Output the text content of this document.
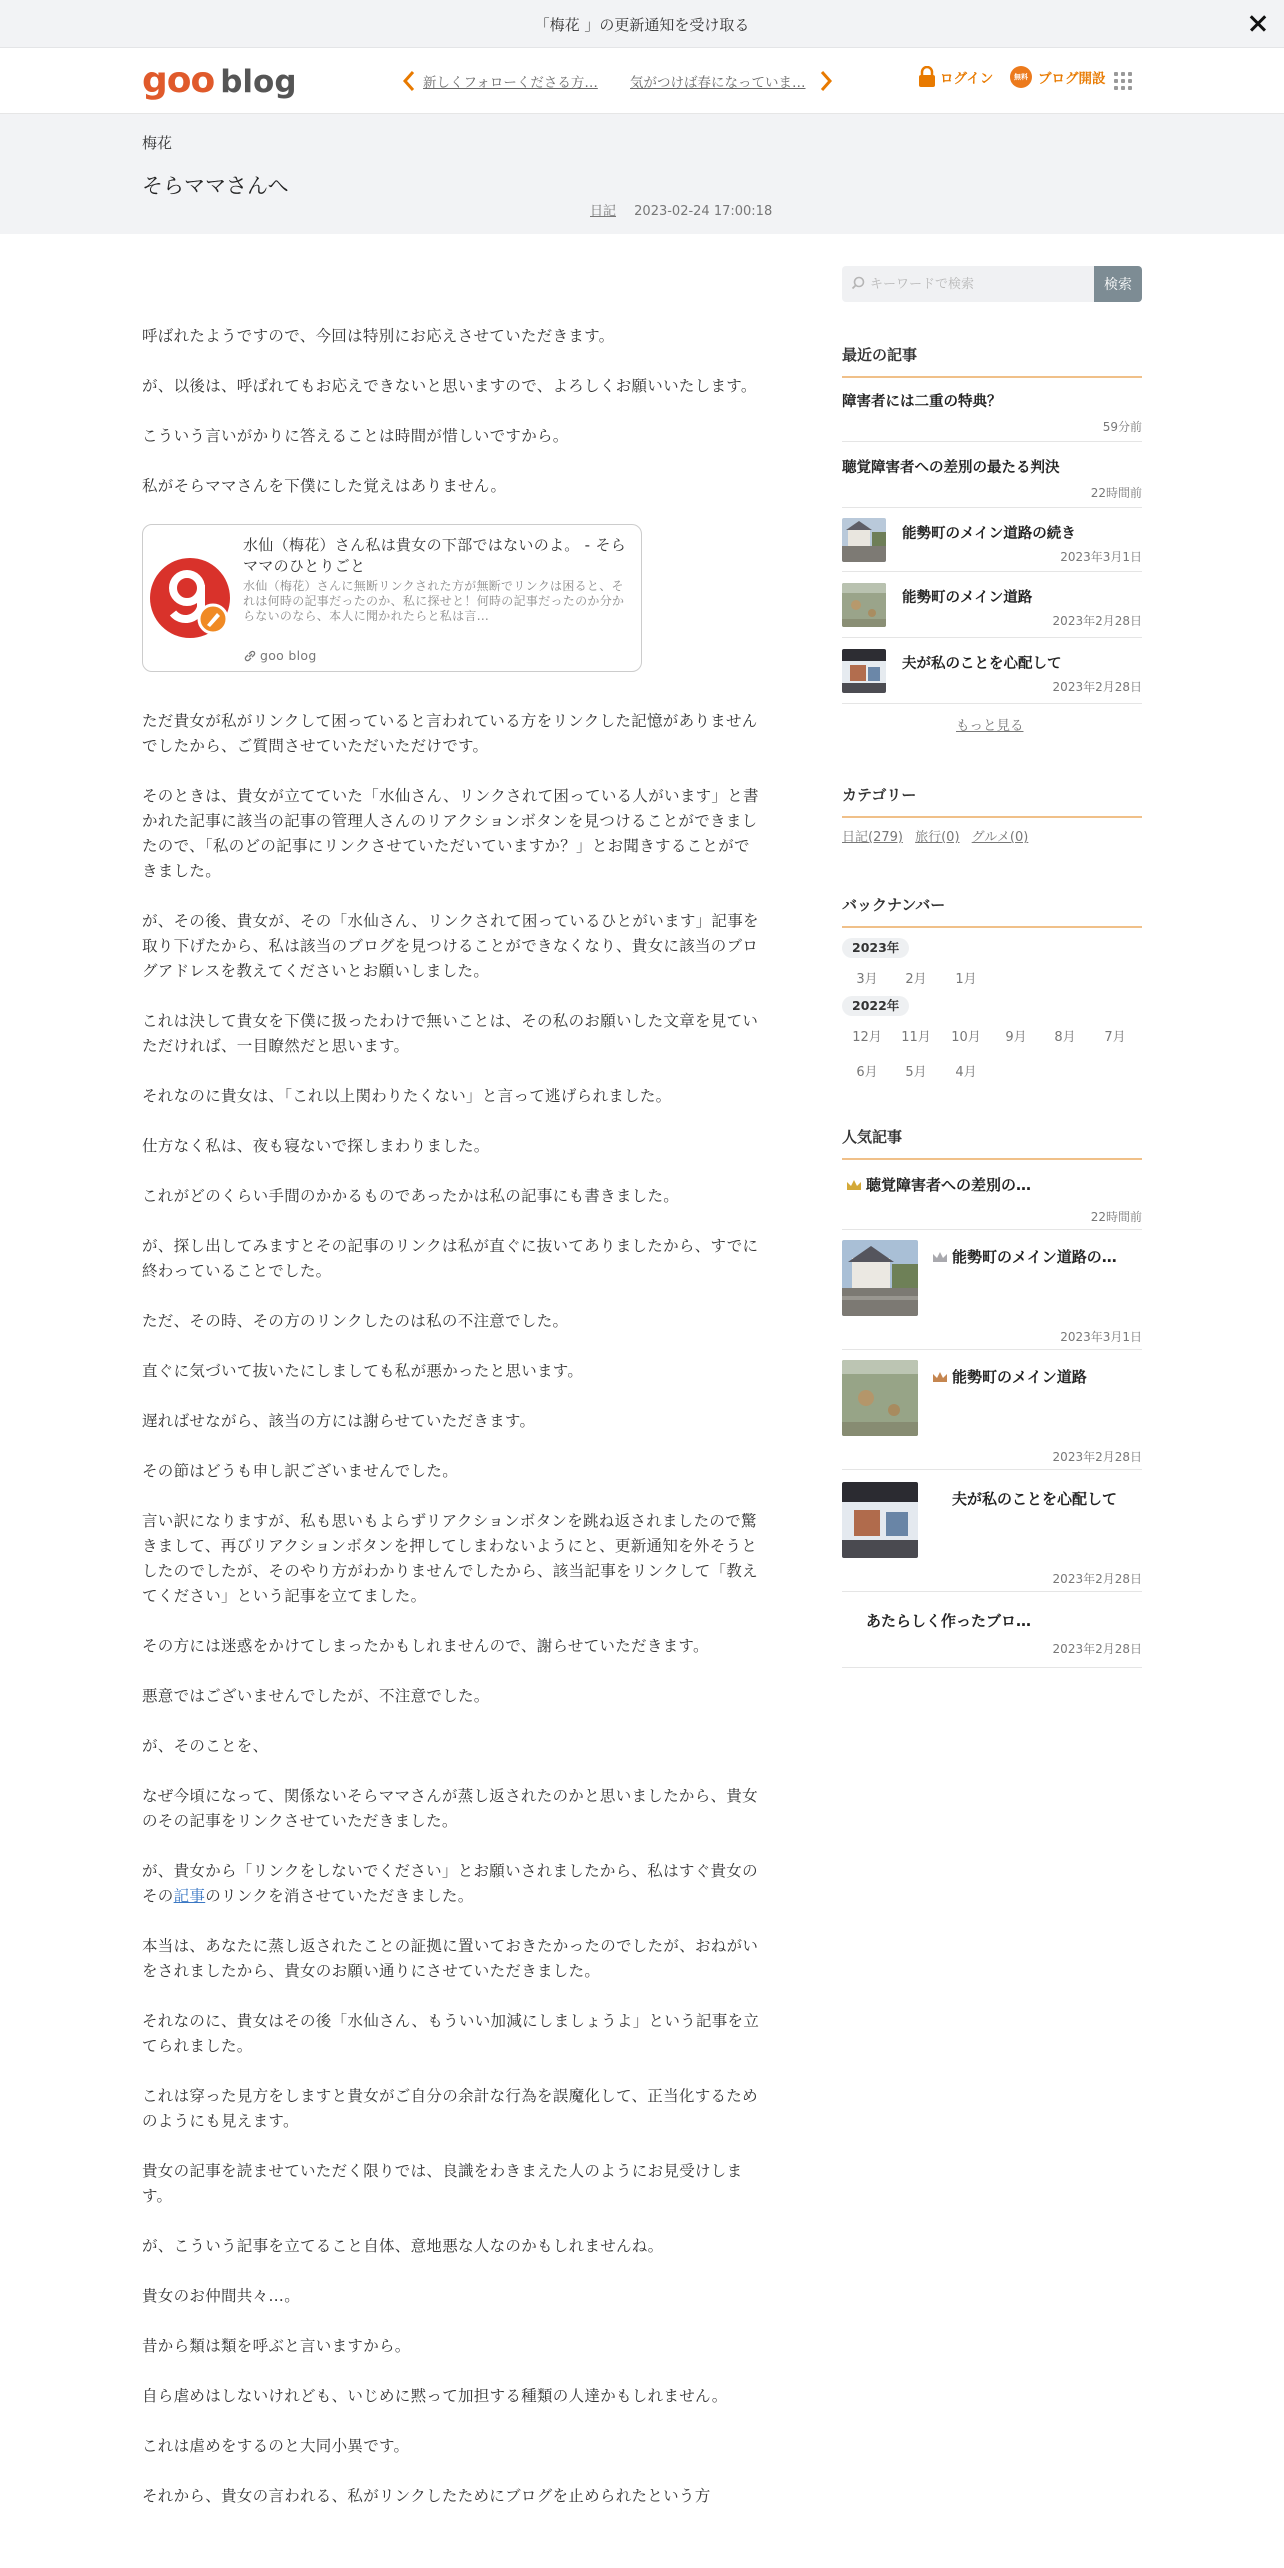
「梅花 」の更新通知を受け取る
goo blog	新しくフォローくださる方…	気がつけば春になっていま…	ログイン	無料 ブログ開設
梅花
そらママさんへ
日記 2023-02-24 17:00:18

呼ばれたようですので、今回は特別にお応えさせていただきます。

が、以後は、呼ばれてもお応えできないと思いますので、よろしくお願いいたします。

こういう言いがかりに答えることは時間が惜しいですから。

私がそらママさんを下僕にした覚えはありません。

水仙（梅花）さん私は貴女の下部ではないのよ。 - そらママのひとりごと
水仙（梅花）さんに無断リンクされた方が無断でリンクは困ると、それは何時の記事だったのか、私に探せと！何時の記事だったのか分からないのなら、本人に聞かれたらと私は言...
goo blog

ただ貴女が私がリンクして困っていると言われている方をリンクした記憶がありませんでしたから、ご質問させていただいただけです。

そのときは、貴女が立てていた「水仙さん、リンクされて困っている人がいます」と書かれた記事に該当の記事の管理人さんのリアクションボタンを見つけることができましたので、「私のどの記事にリンクさせていただいていますか？」とお聞きすることができました。

が、その後、貴女が、その「水仙さん、リンクされて困っているひとがいます」記事を取り下げたから、私は該当のブログを見つけることができなくなり、貴女に該当のブログアドレスを教えてくださいとお願いしました。

これは決して貴女を下僕に扱ったわけで無いことは、その私のお願いした文章を見ていただければ、一目瞭然だと思います。

それなのに貴女は、「これ以上関わりたくない」と言って逃げられました。

仕方なく私は、夜も寝ないで探しまわりました。

これがどのくらい手間のかかるものであったかは私の記事にも書きました。

が、探し出してみますとその記事のリンクは私が直ぐに抜いてありましたから、すでに終わっていることでした。

ただ、その時、その方のリンクしたのは私の不注意でした。

直ぐに気づいて抜いたにしましても私が悪かったと思います。

遅ればせながら、該当の方には謝らせていただきます。

その節はどうも申し訳ございませんでした。

言い訳になりますが、私も思いもよらずリアクションボタンを跳ね返されましたので驚きまして、再びリアクションボタンを押してしまわないようにと、更新通知を外そうとしたのでしたが、そのやり方がわかりませんでしたから、該当記事をリンクして「教えてください」という記事を立てました。

その方には迷惑をかけてしまったかもしれませんので、謝らせていただきます。

悪意ではございませんでしたが、不注意でした。

が、そのことを、

なぜ今頃になって、関係ないそらママさんが蒸し返されたのかと思いましたから、貴女のその記事をリンクさせていただきました。

が、貴女から「リンクをしないでください」とお願いされましたから、私はすぐ貴女のその記事のリンクを消させていただきました。

本当は、あなたに蒸し返されたことの証拠に置いておきたかったのでしたが、おねがいをされましたから、貴女のお願い通りにさせていただきました。

それなのに、貴女はその後「水仙さん、もういい加減にしましょうよ」という記事を立てられました。

これは穿った見方をしますと貴女がご自分の余計な行為を誤魔化して、正当化するためのようにも見えます。

貴女の記事を読ませていただく限りでは、良識をわきまえた人のようにお見受けします。

が、こういう記事を立てること自体、意地悪な人なのかもしれませんね。

貴女のお仲間共々…。

昔から類は類を呼ぶと言いますから。

自ら虐めはしないけれども、いじめに黙って加担する種類の人達かもしれません。

これは虐めをするのと大同小異です。

それから、貴女の言われる、私がリンクしたためにブログを止められたという方

キーワードで検索
検索
最近の記事
障害者には二重の特典？
59分前
聴覚障害者への差別の最たる判決
22時間前
能勢町のメイン道路の続き
2023年3月1日
能勢町のメイン道路
2023年2月28日
夫が私のことを心配して
2023年2月28日
もっと見る
カテゴリー
日記(279) 旅行(0) グルメ(0)
バックナンバー
2023年
3月	2月	1月
2022年
12月 11月 10月	9月	8月	7月
6月	5月	4月
人気記事
聴覚障害者への差別の…
22時間前
能勢町のメイン道路の…
2023年3月1日
能勢町のメイン道路
2023年2月28日
夫が私のことを心配して
2023年2月28日
あたらしく作ったブロ…
2023年2月28日
